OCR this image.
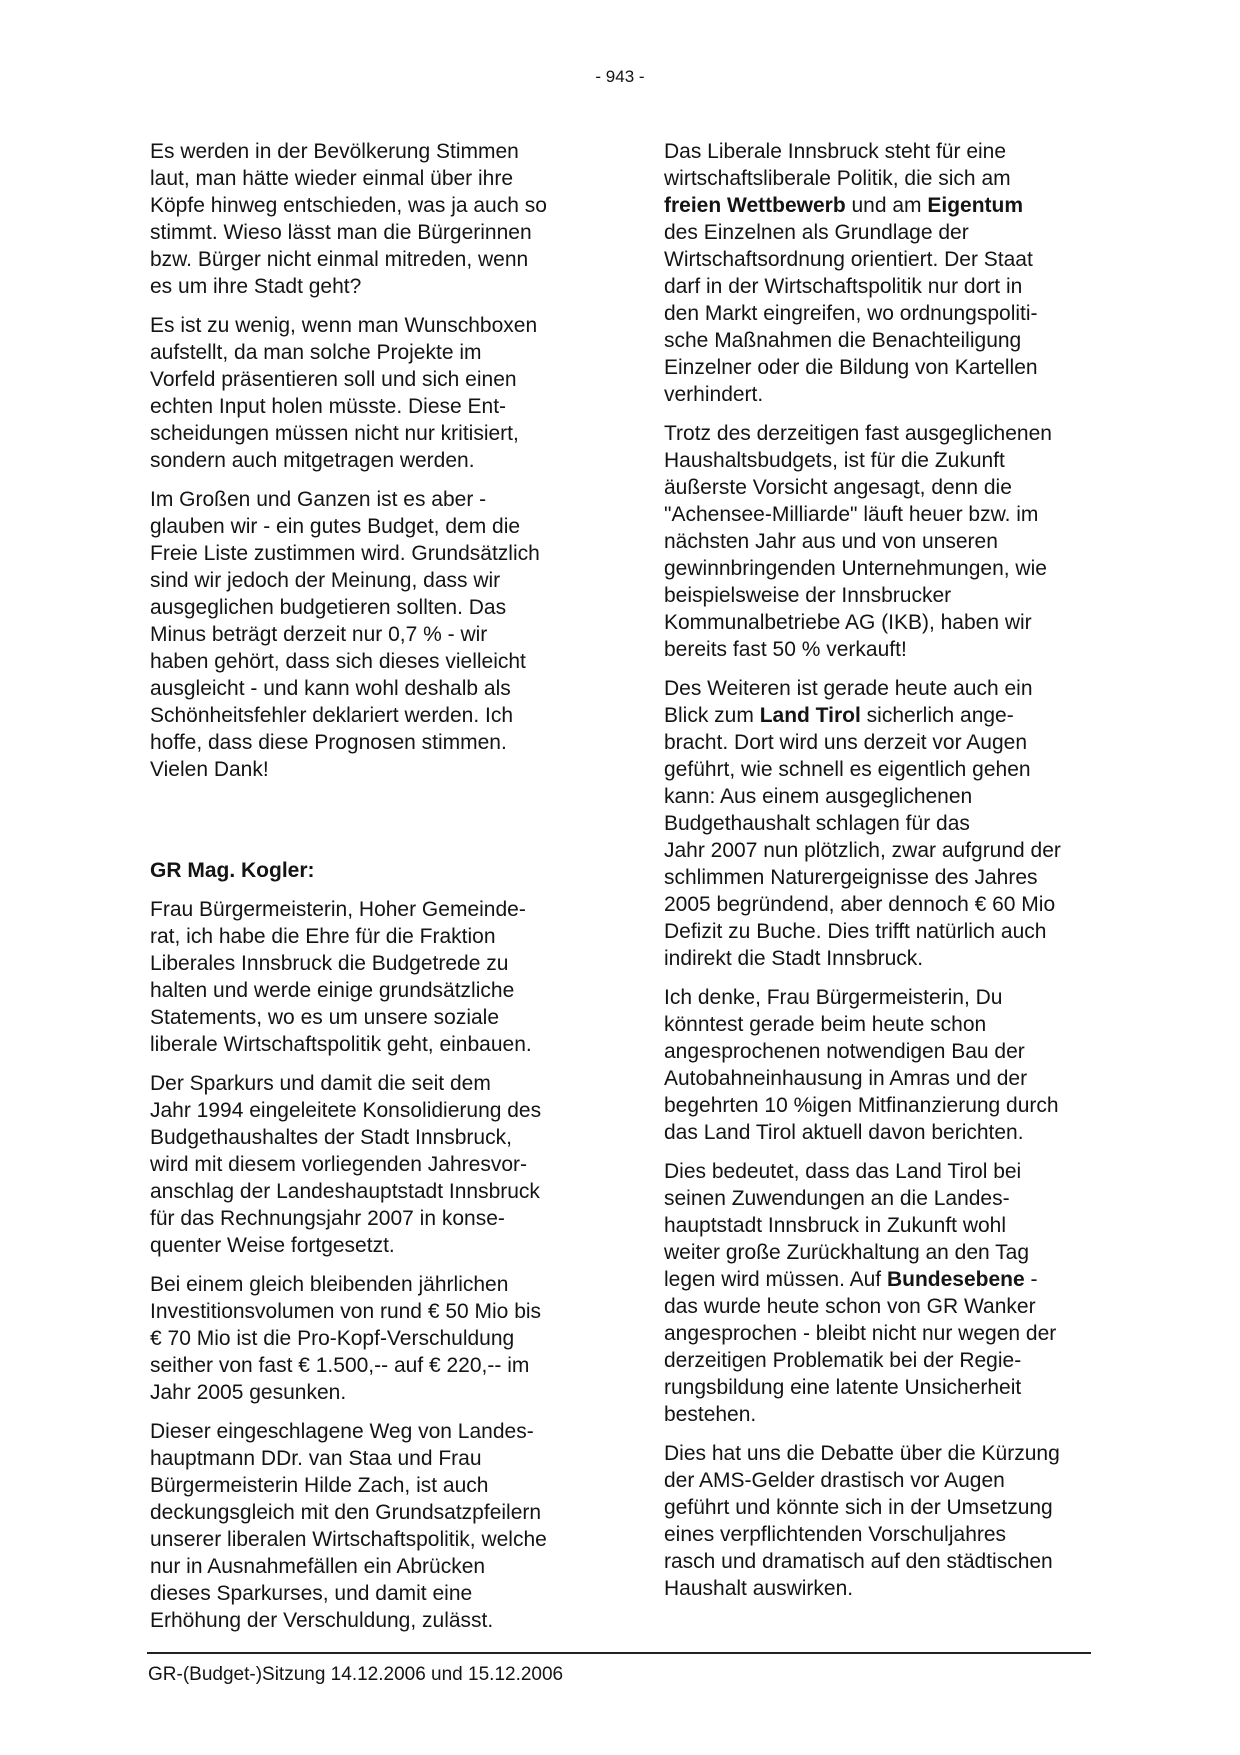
- 943 -
Es werden in der Bevölkerung Stimmen
laut, man hätte wieder einmal über ihre
Köpfe hinweg entschieden, was ja auch so
stimmt. Wieso lässt man die Bürgerinnen
bzw. Bürger nicht einmal mitreden, wenn
es um ihre Stadt geht?
Es ist zu wenig, wenn man Wunschboxen
aufstellt, da man solche Projekte im
Vorfeld präsentieren soll und sich einen
echten Input holen müsste. Diese Ent-
scheidungen müssen nicht nur kritisiert,
sondern auch mitgetragen werden.
Im Großen und Ganzen ist es aber -
glauben wir - ein gutes Budget, dem die
Freie Liste zustimmen wird. Grundsätzlich
sind wir jedoch der Meinung, dass wir
ausgeglichen budgetieren sollten. Das
Minus beträgt derzeit nur 0,7 % - wir
haben gehört, dass sich dieses vielleicht
ausgleicht - und kann wohl deshalb als
Schönheitsfehler deklariert werden. Ich
hoffe, dass diese Prognosen stimmen.
Vielen Dank!
GR Mag. Kogler:
Frau Bürgermeisterin, Hoher Gemeinde-
rat, ich habe die Ehre für die Fraktion
Liberales Innsbruck die Budgetrede zu
halten und werde einige grundsätzliche
Statements, wo es um unsere soziale
liberale Wirtschaftspolitik geht, einbauen.
Der Sparkurs und damit die seit dem
Jahr 1994 eingeleitete Konsolidierung des
Budgethaushaltes der Stadt Innsbruck,
wird mit diesem vorliegenden Jahresvor-
anschlag der Landeshauptstadt Innsbruck
für das Rechnungsjahr 2007 in konse-
quenter Weise fortgesetzt.
Bei einem gleich bleibenden jährlichen
Investitionsvolumen von rund € 50 Mio bis
€ 70 Mio ist die Pro-Kopf-Verschuldung
seither von fast € 1.500,-- auf € 220,-- im
Jahr 2005 gesunken.
Dieser eingeschlagene Weg von Landes-
hauptmann DDr. van Staa und Frau
Bürgermeisterin Hilde Zach, ist auch
deckungsgleich mit den Grundsatzpfeilern
unserer liberalen Wirtschaftspolitik, welche
nur in Ausnahmefällen ein Abrücken
dieses Sparkurses, und damit eine
Erhöhung der Verschuldung, zulässt.
Das Liberale Innsbruck steht für eine
wirtschaftsliberale Politik, die sich am
freien Wettbewerb und am Eigentum
des Einzelnen als Grundlage der
Wirtschaftsordnung orientiert. Der Staat
darf in der Wirtschaftspolitik nur dort in
den Markt eingreifen, wo ordnungspoliti-
sche Maßnahmen die Benachteiligung
Einzelner oder die Bildung von Kartellen
verhindert.
Trotz des derzeitigen fast ausgeglichenen
Haushaltsbudgets, ist für die Zukunft
äußerste Vorsicht angesagt, denn die
"Achensee-Milliarde" läuft heuer bzw. im
nächsten Jahr aus und von unseren
gewinnbringenden Unternehmungen, wie
beispielsweise der Innsbrucker
Kommunalbetriebe AG (IKB), haben wir
bereits fast 50 % verkauft!
Des Weiteren ist gerade heute auch ein
Blick zum Land Tirol sicherlich ange-
bracht. Dort wird uns derzeit vor Augen
geführt, wie schnell es eigentlich gehen
kann: Aus einem ausgeglichenen
Budgethaushalt schlagen für das
Jahr 2007 nun plötzlich, zwar aufgrund der
schlimmen Naturergeignisse des Jahres
2005 begründend, aber dennoch € 60 Mio
Defizit zu Buche. Dies trifft natürlich auch
indirekt die Stadt Innsbruck.
Ich denke, Frau Bürgermeisterin, Du
könntest gerade beim heute schon
angesprochenen notwendigen Bau der
Autobahneinhausung in Amras und der
begehrten 10 %igen Mitfinanzierung durch
das Land Tirol aktuell davon berichten.
Dies bedeutet, dass das Land Tirol bei
seinen Zuwendungen an die Landes-
hauptstadt Innsbruck in Zukunft wohl
weiter große Zurückhaltung an den Tag
legen wird müssen. Auf Bundesebene -
das wurde heute schon von GR Wanker
angesprochen - bleibt nicht nur wegen der
derzeitigen Problematik bei der Regie-
rungsbildung eine latente Unsicherheit
bestehen.
Dies hat uns die Debatte über die Kürzung
der AMS-Gelder drastisch vor Augen
geführt und könnte sich in der Umsetzung
eines verpflichtenden Vorschuljahres
rasch und dramatisch auf den städtischen
Haushalt auswirken.
GR-(Budget-)Sitzung 14.12.2006 und 15.12.2006
